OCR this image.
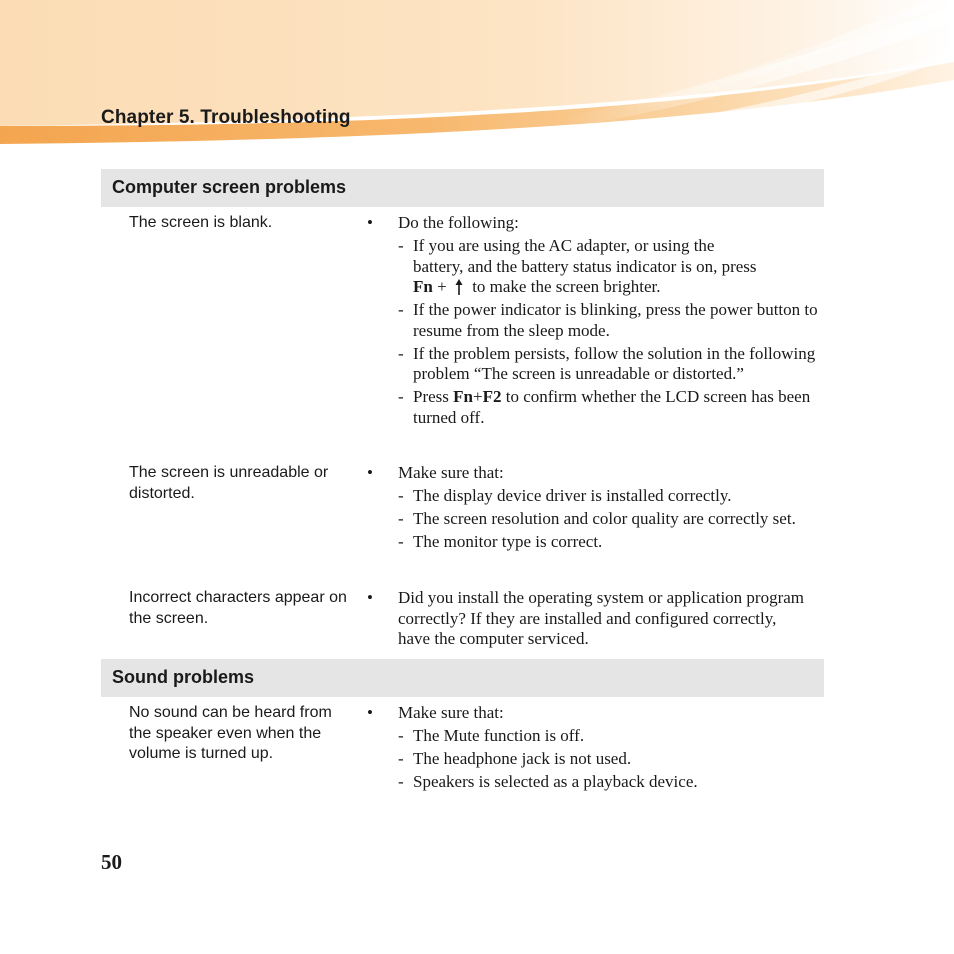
Chapter 5. Troubleshooting
Computer screen problems
The screen is blank.	• Do the following:
- If you are using the AC adapter, or using the
battery, and the battery status indicator is on, press
Fn + to make the screen brighter.
- If the power indicator is blinking, press the power button to resume from the sleep mode.
- If the problem persists, follow the solution in the following problem “The screen is unreadable or distorted.”
- Press Fn+F2 to confirm whether the LCD screen has been turned off.
The screen is unreadable or distorted.
• Make sure that:
- The display device driver is installed correctly.
- The screen resolution and color quality are correctly set.
- The monitor type is correct.
Incorrect characters appear on the screen.
• Did you install the operating system or application program correctly? If they are installed and configured correctly, have the computer serviced.
Sound problems
No sound can be heard from the speaker even when the volume is turned up.
• Make sure that:
- The Mute function is off.
- The headphone jack is not used.
- Speakers is selected as a playback device.
50
